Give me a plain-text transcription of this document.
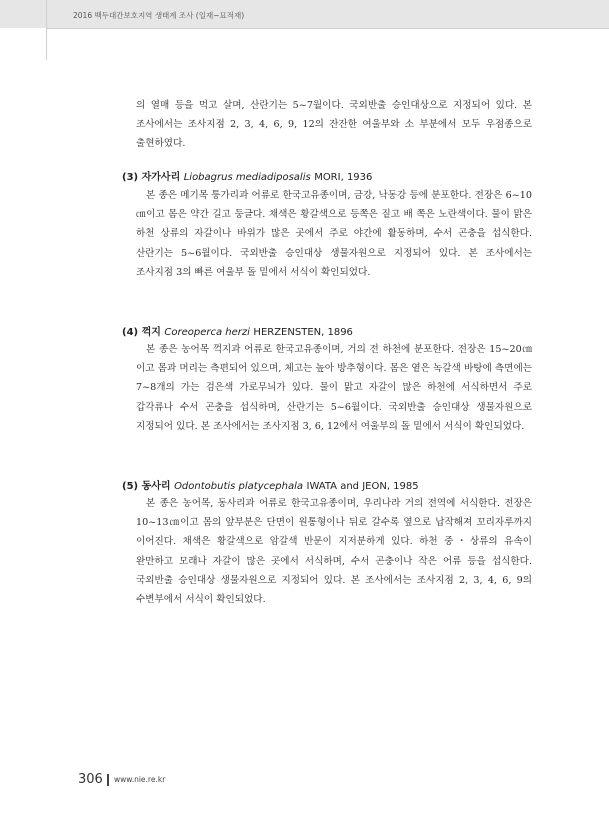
2016 백두대간보호지역 생태계 조사 (일재~묘적재)

의 열매 등을 먹고 살며, 산란기는 5~7월이다. 국외반출 승인대상으로 지정되어 있다. 본 조사에서는 조사지점 2, 3, 4, 6, 9, 12의 잔잔한 여울부와 소 부분에서 모두 우점종으로 출현하였다.

(3) 자가사리 Liobagrus mediadiposalis MORI, 1936

본 종은 메기목 퉁가리과 어류로 한국고유종이며, 금강, 낙동강 등에 분포한다. 전장은 6~10㎝이고 몸은 약간 길고 둥글다. 채색은 황갈색으로 등쪽은 짙고 배 쪽은 노란색이다. 물이 맑은 하천 상류의 자갈이나 바위가 많은 곳에서 주로 야간에 활동하며, 수서 곤충을 섭식한다. 산란기는 5~6월이다. 국외반출 승인대상 생물자원으로 지정되어 있다. 본 조사에서는 조사지점 3의 빠른 여울부 돌 밑에서 서식이 확인되었다.

(4) 꺽지 Coreoperca herzi HERZENSTEN, 1896

본 종은 농어목 꺽지과 어류로 한국고유종이며, 거의 전 하천에 분포한다. 전장은 15~20㎝이고 몸과 머리는 측편되어 있으며, 체고는 높아 방추형이다. 몸은 옅은 녹갈색 바탕에 측면에는 7~8개의 가는 검은색 가로무늬가 있다. 물이 맑고 자갈이 많은 하천에 서식하면서 주로 갑각류나 수서 곤충을 섭식하며, 산란기는 5~6월이다. 국외반출 승인대상 생물자원으로 지정되어 있다. 본 조사에서는 조사지점 3, 6, 12에서 여울부의 돌 밑에서 서식이 확인되었다.

(5) 동사리 Odontobutis platycephala IWATA and JEON, 1985

본 종은 농어목, 동사리과 어류로 한국고유종이며, 우리나라 거의 전역에 서식한다. 전장은 10~13㎝이고 몸의 앞부분은 단면이 원통형이나 뒤로 갈수록 옆으로 납작해져 꼬리자루까지 이어진다. 채색은 황갈색으로 암갈색 반문이 지저분하게 있다. 하천 중・상류의 유속이 완만하고 모래나 자갈이 많은 곳에서 서식하며, 수서 곤충이나 작은 어류 등을 섭식한다. 국외반출 승인대상 생물자원으로 지정되어 있다. 본 조사에서는 조사지점 2, 3, 4, 6, 9의 수변부에서 서식이 확인되었다.

306 www.nie.re.kr
